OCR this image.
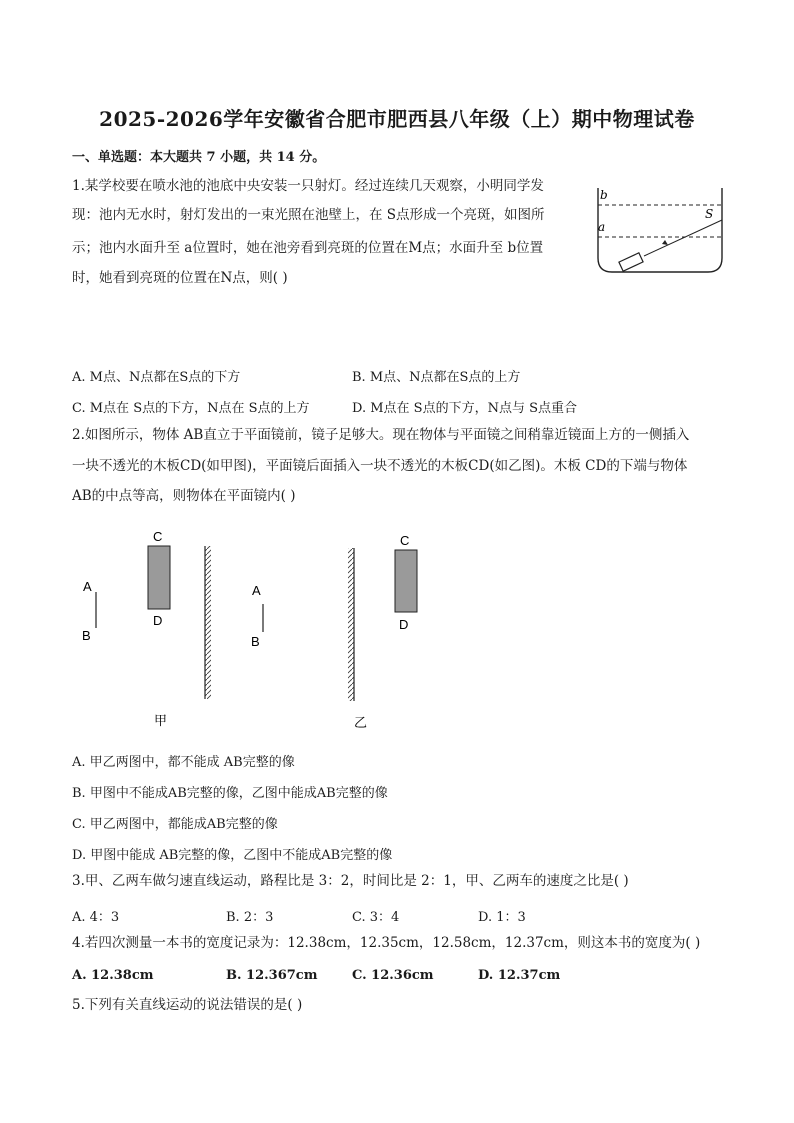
2025-2026学年安徽省合肥市肥西县八年级（上）期中物理试卷
一、单选题：本大题共 7 小题，共 14 分。
1.某学校要在喷水池的池底中央安装一只射灯。经过连续几天观察，小明同学发
现：池内无水时，射灯发出的一束光照在池壁上，在 S点形成一个亮斑，如图所
示；池内水面升至 a位置时，她在池旁看到亮斑的位置在M点；水面升至 b位置
时，她看到亮斑的位置在N点，则( )
b
a
S
A. M点、N点都在S点的下方	B. M点、N点都在S点的上方
C. M点在 S点的下方，N点在 S点的上方	D. M点在 S点的下方，N点与 S点重合
2.如图所示，物体 AB直立于平面镜前，镜子足够大。现在物体与平面镜之间稍靠近镜面上方的一侧插入
一块不透光的木板CD(如甲图)，平面镜后面插入一块不透光的木板CD(如乙图)。木板 CD的下端与物体
AB的中点等高，则物体在平面镜内( )
A
B
C
D
甲
A
B
C
D
乙
A. 甲乙两图中，都不能成 AB完整的像
B. 甲图中不能成AB完整的像，乙图中能成AB完整的像
C. 甲乙两图中，都能成AB完整的像
D. 甲图中能成 AB完整的像，乙图中不能成AB完整的像
3.甲、乙两车做匀速直线运动，路程比是 3：2，时间比是 2：1，甲、乙两车的速度之比是( )
A. 4：3	B. 2：3	C. 3：4	D. 1：3
4.若四次测量一本书的宽度记录为：12.38cm，12.35cm，12.58cm，12.37cm，则这本书的宽度为( )
A. 12.38cm	B. 12.367cm	C. 12.36cm	D. 12.37cm
5.下列有关直线运动的说法错误的是( )
